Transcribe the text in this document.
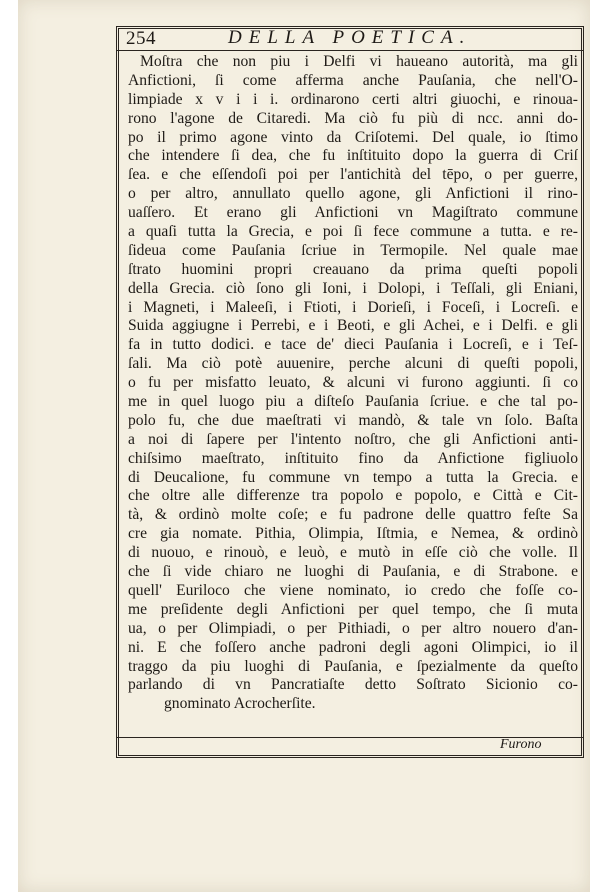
254	DELLA POETICA.
Moſtra che non piu i Delfi vi haueano autorità, ma gli
Anfictioni, ſi come afferma anche Pauſania, che nell'O-
limpiade x v i i i. ordinarono certi altri giuochi, e rinoua-
rono l'agone de Citaredi. Ma ciò fu più di ncc. anni do-
po il primo agone vinto da Criſotemi. Del quale, io ſtimo
che intendere ſi dea, che fu inſtituito dopo la guerra di Criſ
ſea. e che eſſendoſi poi per l'antichità del tēpo, o per guerre,
o per altro, annullato quello agone, gli Anfictioni il rino-
uaſſero. Et erano gli Anfictioni vn Magiſtrato commune
a quaſi tutta la Grecia, e poi ſi fece commune a tutta. e re-
ſideua come Pauſania ſcriue in Termopile. Nel quale mae
ſtrato huomini propri creauano da prima queſti popoli
della Grecia. ciò ſono gli Ioni, i Dolopi, i Teſſali, gli Eniani,
i Magneti, i Maleeſi, i Ftioti, i Dorieſi, i Foceſi, i Locreſi. e
Suida aggiugne i Perrebi, e i Beoti, e gli Achei, e i Delfi. e gli
fa in tutto dodici. e tace de' dieci Pauſania i Locreſi, e i Teſ-
ſali. Ma ciò potè auuenire, perche alcuni di queſti popoli,
o fu per misfatto leuato, & alcuni vi furono aggiunti. ſi co
me in quel luogo piu a diſteſo Pauſania ſcriue. e che tal po-
polo fu, che due maeſtrati vi mandò, & tale vn ſolo. Baſta
a noi di ſapere per l'intento noſtro, che gli Anfictioni anti-
chiſsimo maeſtrato, inſtituito fino da Anfictione figliuolo
di Deucalione, fu commune vn tempo a tutta la Grecia. e
che oltre alle differenze tra popolo e popolo, e Città e Cit-
tà, & ordinò molte coſe; e fu padrone delle quattro feſte Sa
cre gia nomate. Pithia, Olimpia, Iſtmia, e Nemea, & ordinò
di nuouo, e rinouò, e leuò, e mutò in eſſe ciò che volle. Il
che ſi vide chiaro ne luoghi di Pauſania, e di Strabone. e
quell' Euriloco che viene nominato, io credo che foſſe co-
me preſidente degli Anfictioni per quel tempo, che ſi muta
ua, o per Olimpiadi, o per Pithiadi, o per altro nouero d'an-
ni. E che foſſero anche padroni degli agoni Olimpici, io il
traggo da piu luoghi di Pauſania, e ſpezialmente da queſto
parlando di vn Pancratiaſte detto Soſtrato Sicionio co-
gnominato Acrocherſite.
Furono
